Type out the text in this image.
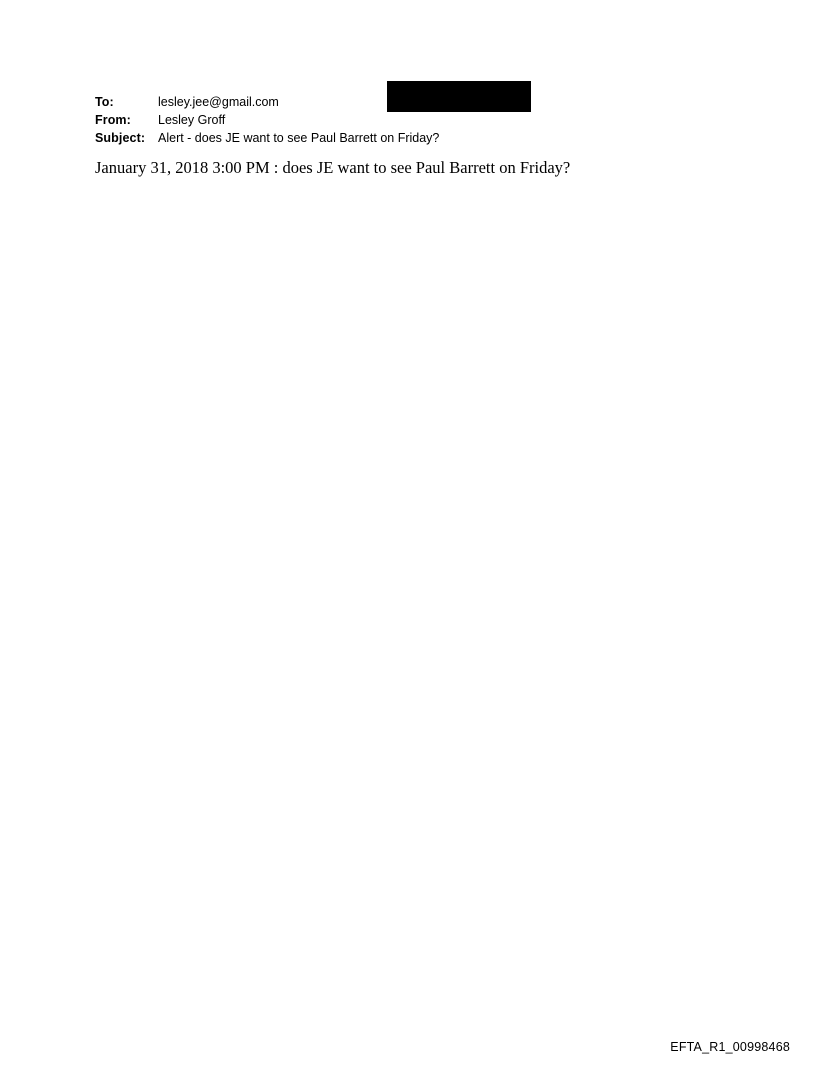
To:	lesley.jee@gmail.com
From:	Lesley Groff
Subject:	Alert - does JE want to see Paul Barrett on Friday?
January 31, 2018 3:00 PM : does JE want to see Paul Barrett on Friday?
EFTA_R1_00998468
